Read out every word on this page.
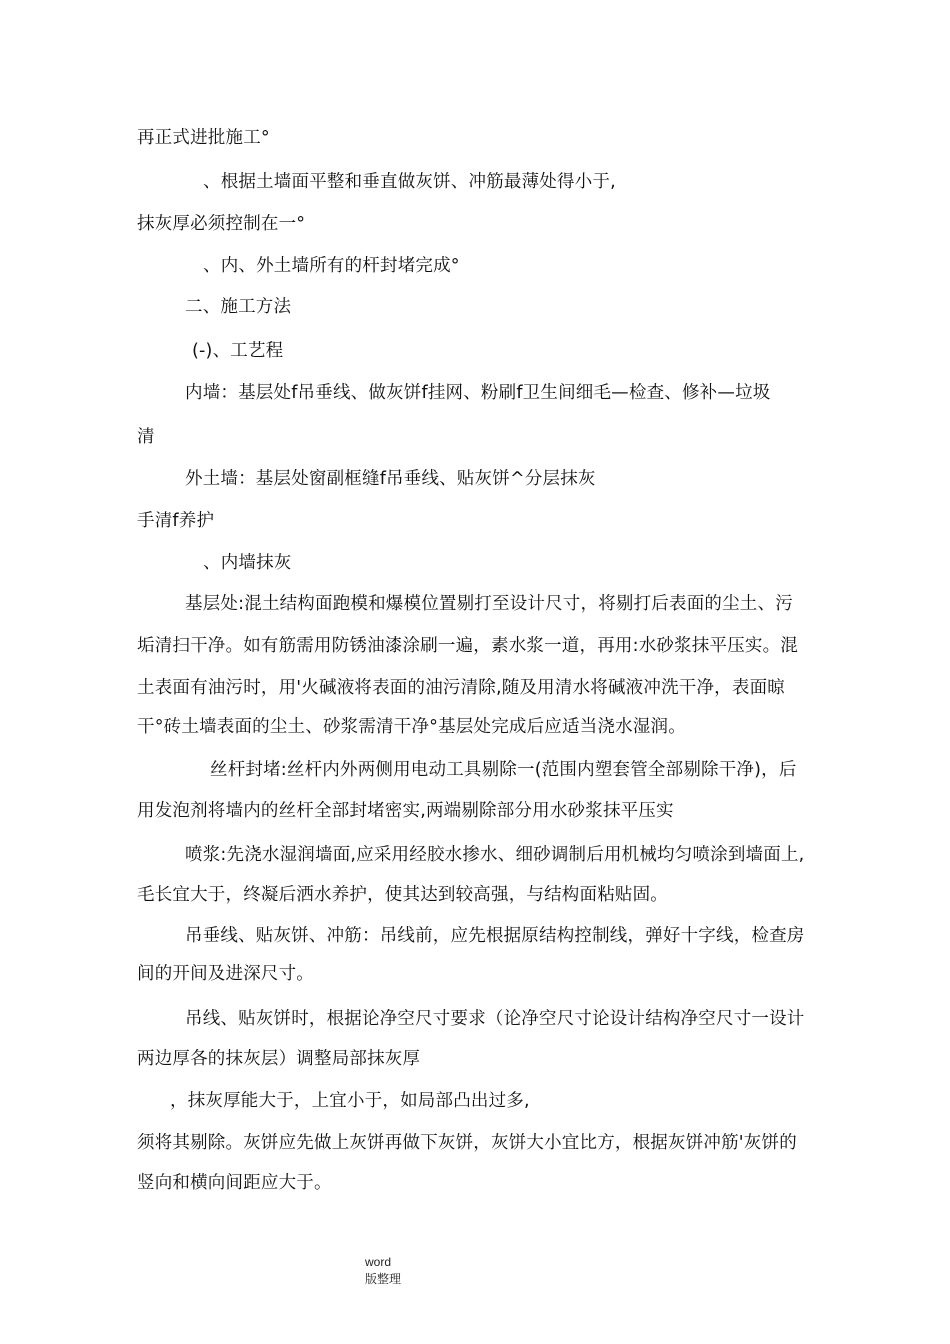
再正式进批施工°
、根据土墙面平整和垂直做灰饼、冲筋最薄处得小于,
抹灰厚必须控制在一°
、内、外土墙所有的杆封堵完成°
二、施工方法
(-)、工艺程
内墙：基层处f吊垂线、做灰饼f挂网、粉刷f卫生间细毛—检查、修补—垃圾
清
外土墙：基层处窗副框缝f吊垂线、贴灰饼^分层抹灰
手清f养护
、内墙抹灰
基层处:混土结构面跑模和爆模位置剔打至设计尺寸，将剔打后表面的尘土、污
垢清扫干净。如有筋需用防锈油漆涂刷一遍，素水浆一道，再用:水砂浆抹平压实。混
土表面有油污时，用'火碱液将表面的油污清除,随及用清水将碱液冲洗干净，表面晾
干°砖土墙表面的尘土、砂浆需清干净°基层处完成后应适当浇水湿润。
丝杆封堵:丝杆内外两侧用电动工具剔除一(范围内塑套管全部剔除干净)，后
用发泡剂将墙内的丝杆全部封堵密实,两端剔除部分用水砂浆抹平压实
喷浆:先浇水湿润墙面,应采用经胶水掺水、细砂调制后用机械均匀喷涂到墙面上,
毛长宜大于，终凝后洒水养护，使其达到较高强，与结构面粘贴固。
吊垂线、贴灰饼、冲筋：吊线前，应先根据原结构控制线，弹好十字线，检查房
间的开间及进深尺寸。
吊线、贴灰饼时，根据论净空尺寸要求（论净空尺寸论设计结构净空尺寸一设计
两边厚各的抹灰层）调整局部抹灰厚
，抹灰厚能大于，上宜小于，如局部凸出过多,
须将其剔除。灰饼应先做上灰饼再做下灰饼，灰饼大小宜比方，根据灰饼冲筋'灰饼的
竖向和横向间距应大于。
word
版整理
